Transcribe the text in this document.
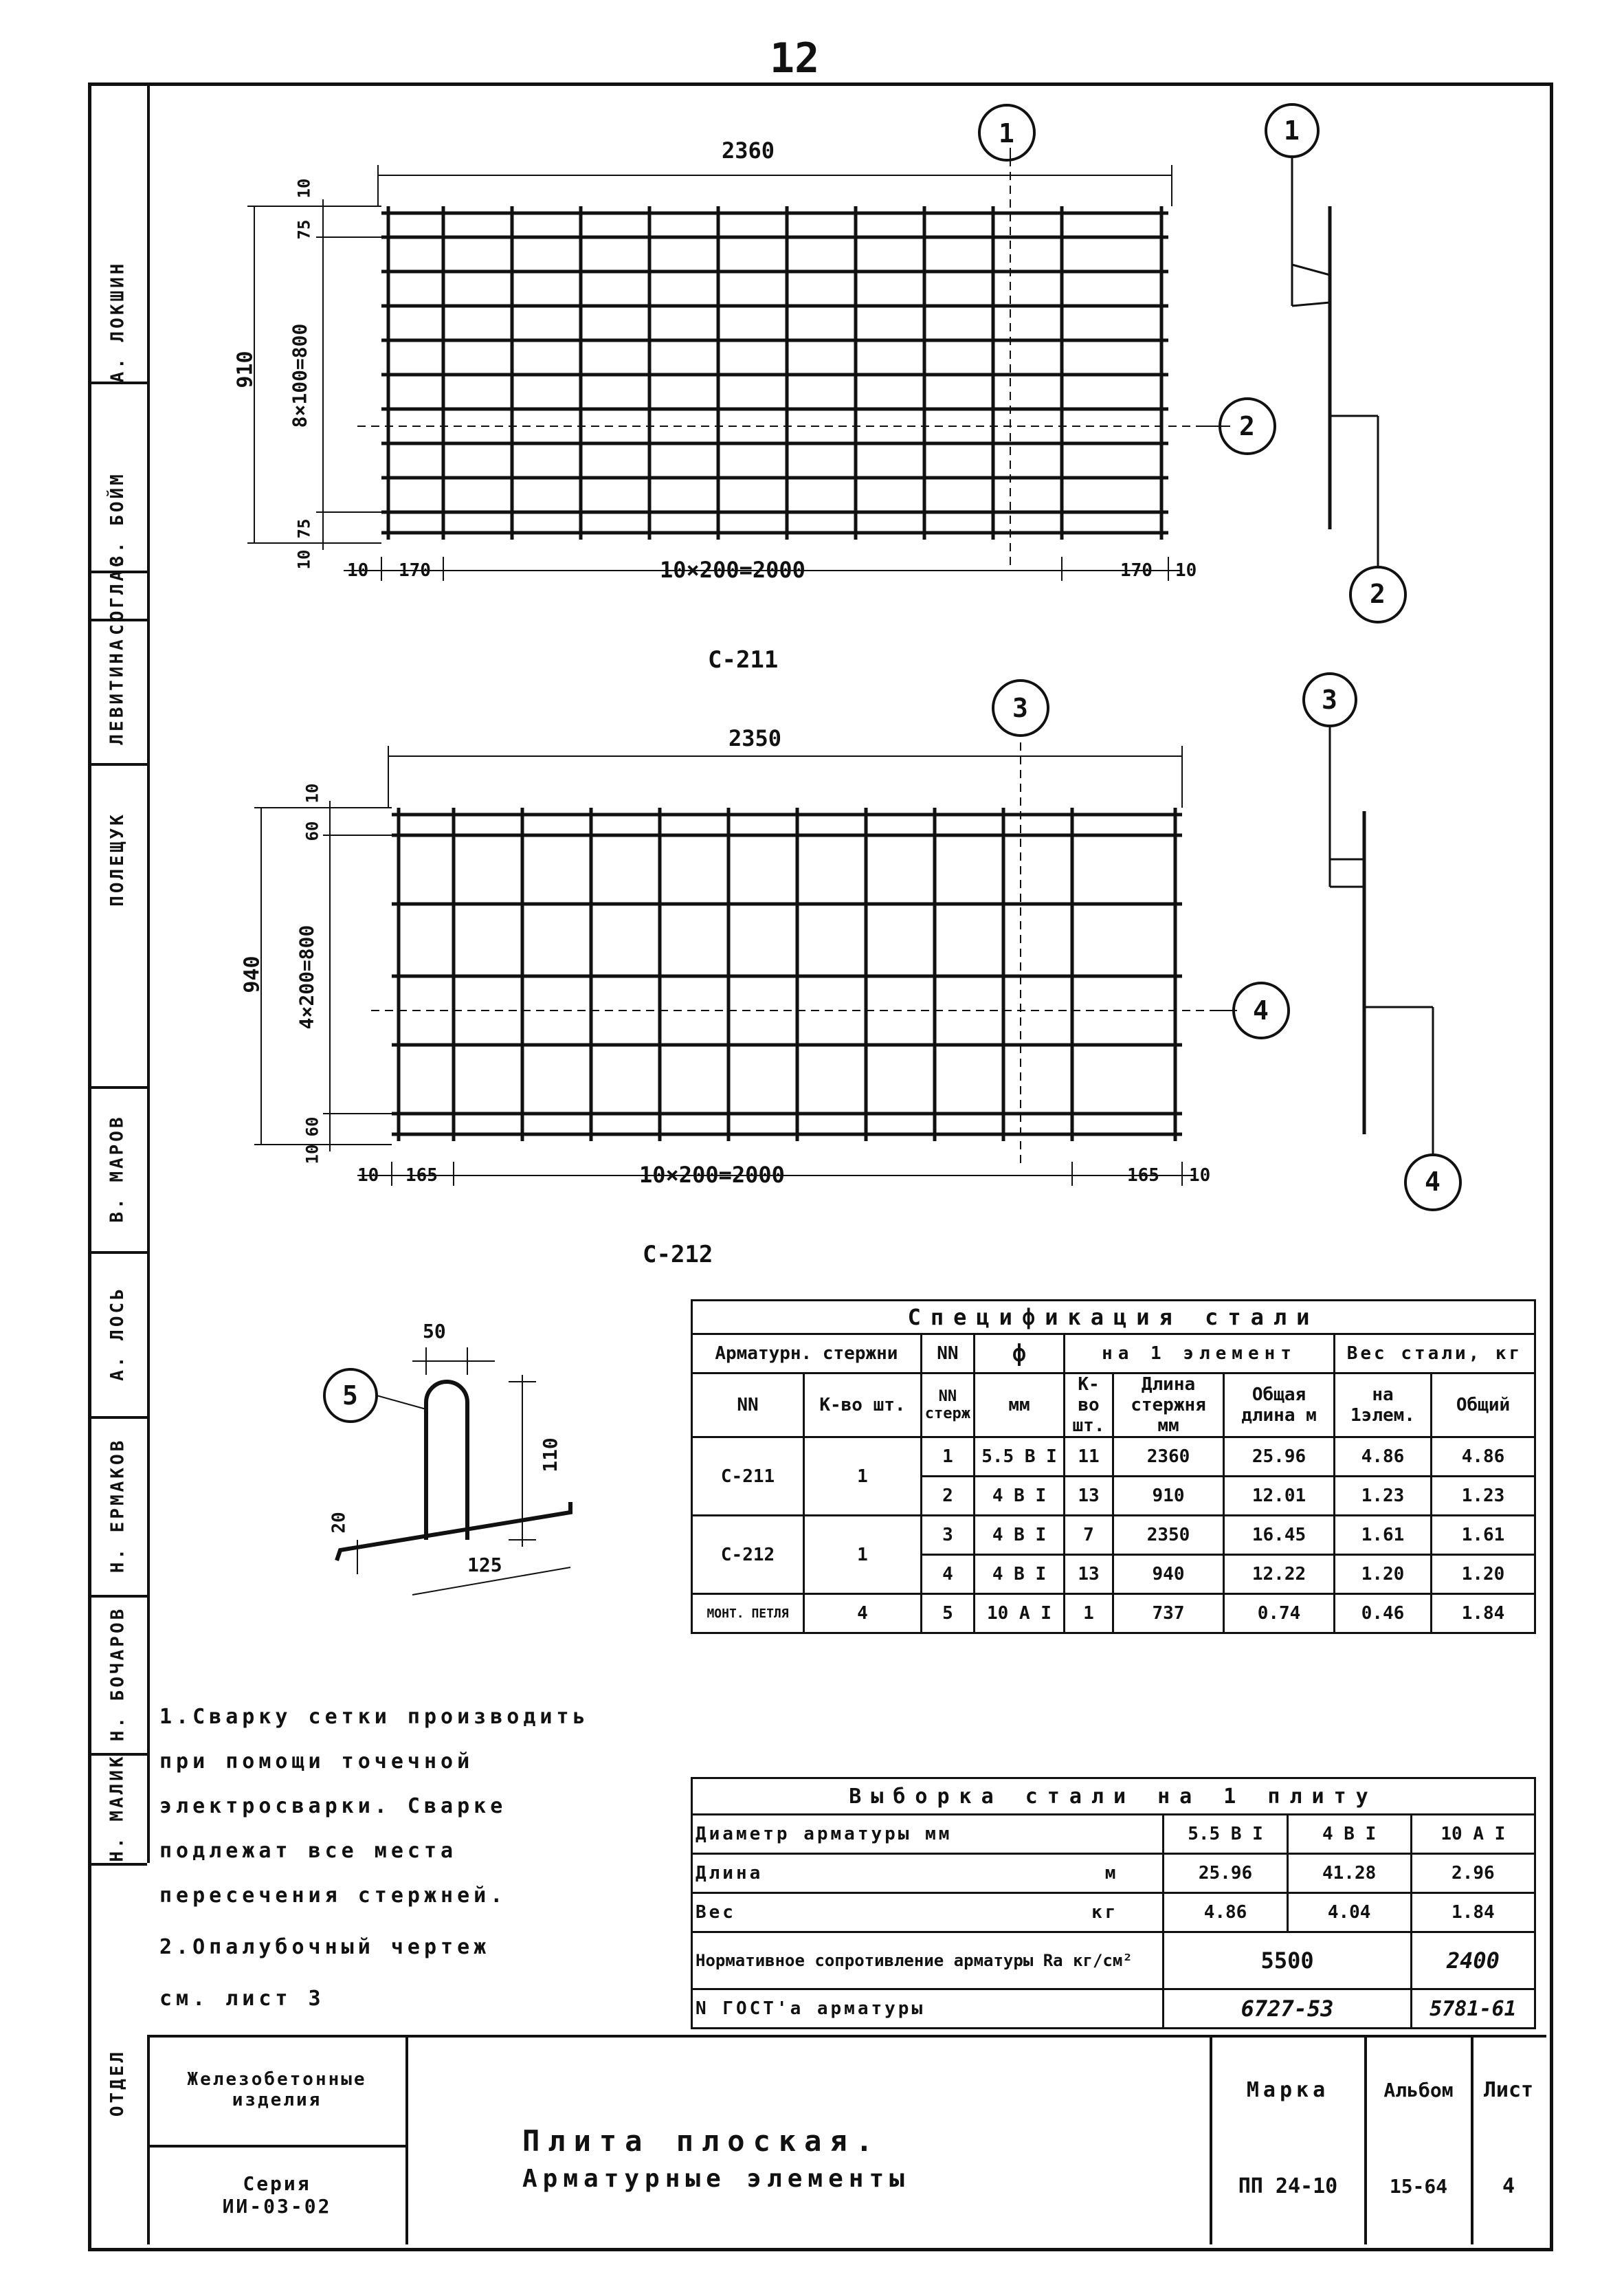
12
А. ЛОКШИН
З. БОЙМ
СОГЛАС
ЛЕВИТИНА
ПОЛЕЩУК
В. МАРОВ
А. ЛОСЬ
Н. ЕРМАКОВ
Н. БОЧАРОВ
Н. МАЛИК
ОТДЕЛ
2360
910
10
75
8×100=800
75
10
10 170	10×200=2000	170 10
1
2
1
2
С-211
2350
940
10
60
4×200=800
60
10
10 165	10×200=2000	165 10
3
4
3
4
С-212
5
50
110
125
20
Спецификация стали								
Арматурн. стержни		NN	ф	на 1 элемент			Вес стали, кг	
				К-во шт.	Длина стержня мм	Общая длина м	на 1элем.	Общий
NN	К-во шт.	NN стерж	мм					
С-211	1	1	5.5 B I	11	2360	25.96	4.86	4.86
		2	4 B I	13	910	12.01	1.23	1.23
С-212	1	3	4 B I	7	2350	16.45	1.61	1.61
		4	4 B I	13	940	12.22	1.20	1.20
МОНТ. ПЕТЛЯ	4	5	10 A I	1	737	0.74	0.46	1.84
1.Сварку сетки производить
при помощи точечной
электросварки. Сварке
подлежат все места
пересечения стержней.
2.Опалубочный чертеж
см. лист 3
Выборка стали на 1 плиту			
Диаметр арматуры мм	5.5 B I	4 B I	10 A I
Длина м	25.96	41.28	2.96
Вес кг	4.86	4.04	1.84
Нормативное сопротивление арматуры Rа кг/см²	5500		2400
N ГОСТ'а арматуры	6727-53		5781-61
Железобетонные
изделия
Серия
ИИ-03-02
Плита плоская.
Арматурные элементы
Марка
ПП 24-10
Альбом
15-64
Лист
4
